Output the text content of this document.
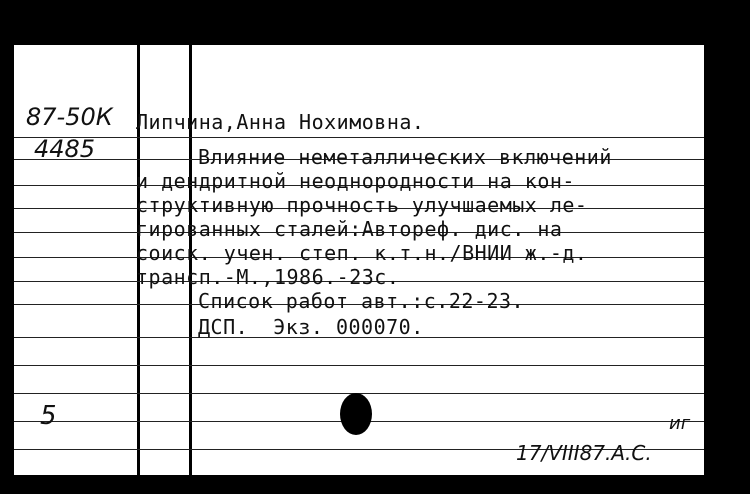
87-50К
4485
5
Липчина,Анна Нохимовна.
Влияние неметаллических включений
и дендритной неоднородности на кон-
структивную прочность улучшаемых ле-
гированных сталей:Автореф. дис. на
соиск. учен. степ. к.т.н./ВНИИ ж.-д.
трансп.-М.,1986.-23с.
Список работ авт.:с.22-23.
ДСП.  Экз. 000070.
иг
17/VIII87.А.С.
